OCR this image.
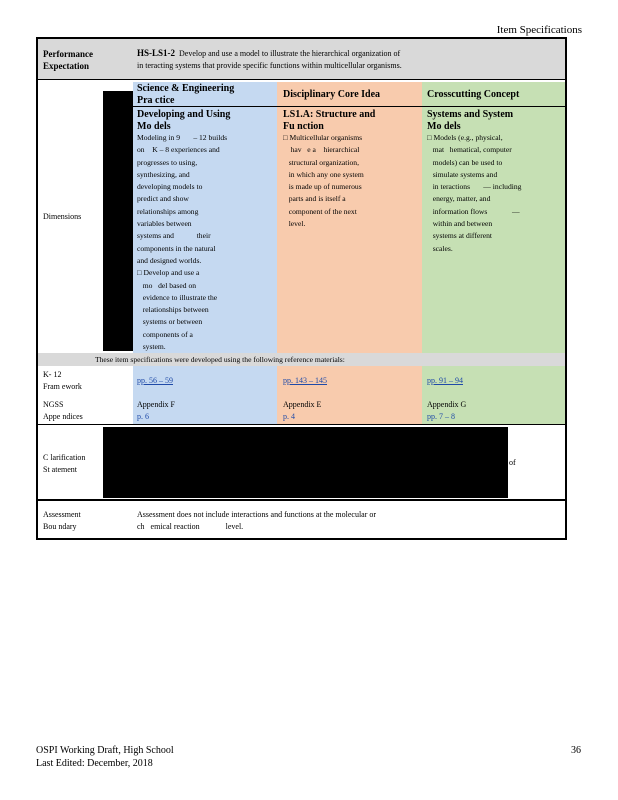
Item Specifications
Performance
Expectation
HS-LS1-2 Develop and use a model to illustrate the hierarchical organization of
in teracting systems that provide specific functions within multicellular organisms.
Dimensions
Science & Engineering
Pra ctice
Developing and Using
Mo dels
Modeling in 9       – 12 builds
on    K – 8 experiences and
progresses to using,
synthesizing, and
developing models to
predict and show
relationships among
variables between
systems and            their
components in the natural
and designed worlds.
□ Develop and use a
mo   del based on
evidence to illustrate the
relationships between
systems or between
components of a
system.
Disciplinary Core Idea
LS1.A: Structure and
Fu nction
□ Multicellular organisms
hav   e a    hierarchical
structural organization,
in which any one system
is made up of numerous
parts and is itself a
component of the next
level.
Crosscutting Concept
Systems and System
Mo dels
□ Models (e.g., physical,
mat   hematical, computer
models) can be used to
simulate systems and
in teractions       — including
energy, matter, and
information flows             —
within and between
systems at different
scales.
These item specifications were developed using the following reference materials:
K- 12
Fram ework
pp. 56 – 59	pp. 143 – 145	pp. 91 – 94
NGSS
Appe ndices
Appendix F
p. 6
Appendix E
p. 4
Appendix G
pp. 7 – 8
C larification
St atement
of
Assessment
Bou ndary
Assessment does not include interactions and functions at the molecular or
ch   emical reaction             level.
OSPI Working Draft, High School
Last Edited: December, 2018
36
